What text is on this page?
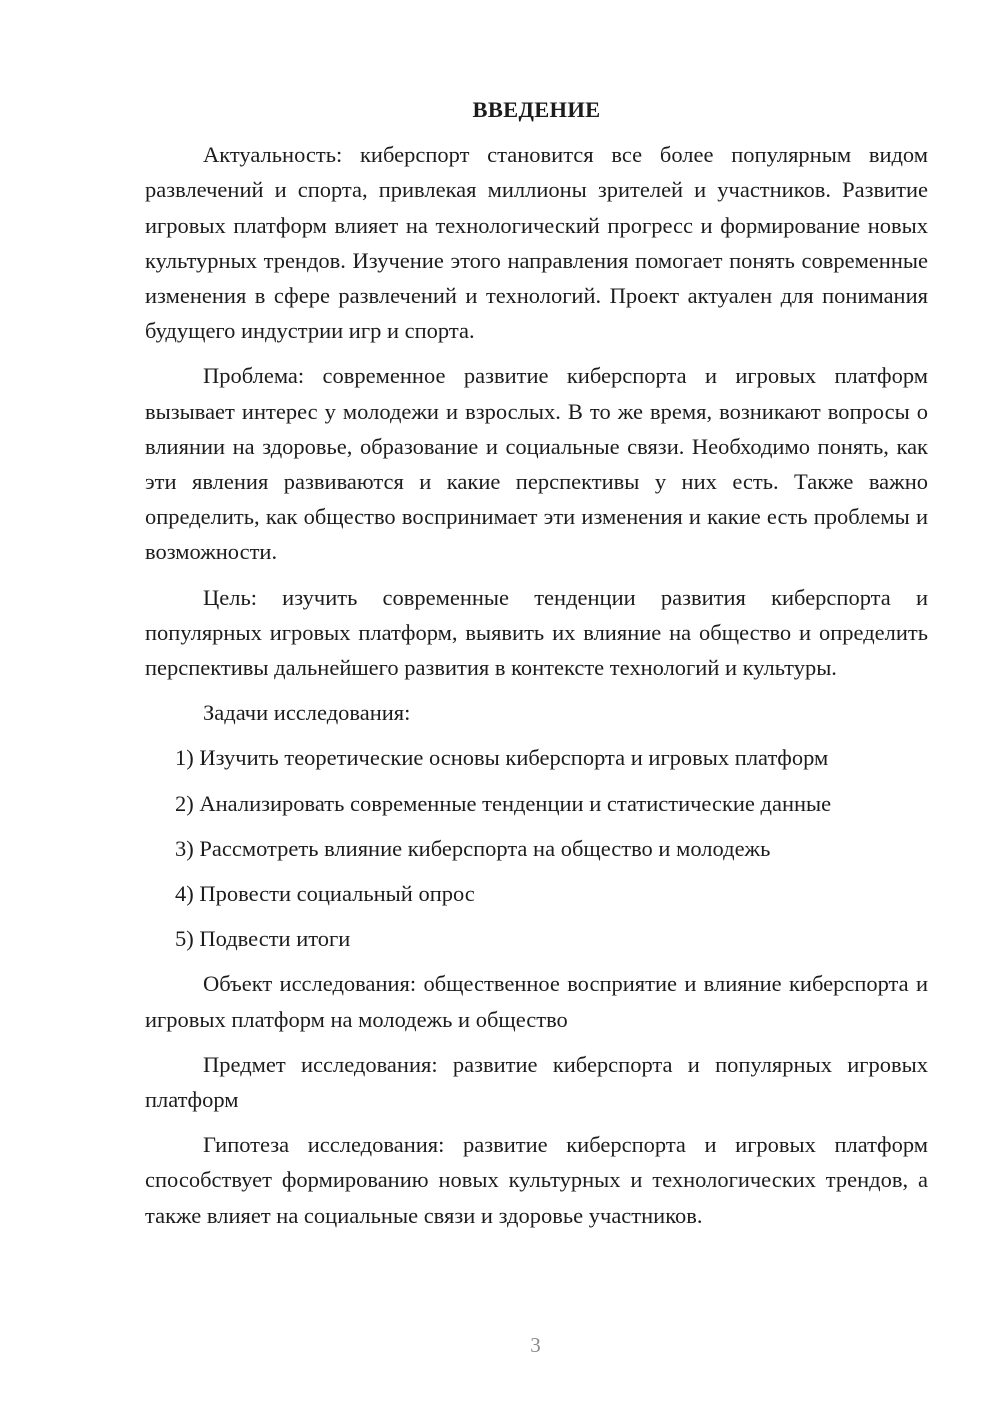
ВВЕДЕНИЕ

Актуальность: киберспорт становится все более популярным видом развлечений и спорта, привлекая миллионы зрителей и участников. Развитие игровых платформ влияет на технологический прогресс и формирование новых культурных трендов. Изучение этого направления помогает понять современные изменения в сфере развлечений и технологий. Проект актуален для понимания будущего индустрии игр и спорта.

Проблема: современное развитие киберспорта и игровых платформ вызывает интерес у молодежи и взрослых. В то же время, возникают вопросы о влиянии на здоровье, образование и социальные связи. Необходимо понять, как эти явления развиваются и какие перспективы у них есть. Также важно определить, как общество воспринимает эти изменения и какие есть проблемы и возможности.

Цель: изучить современные тенденции развития киберспорта и популярных игровых платформ, выявить их влияние на общество и определить перспективы дальнейшего развития в контексте технологий и культуры.

Задачи исследования:
1) Изучить теоретические основы киберспорта и игровых платформ
2) Анализировать современные тенденции и статистические данные
3) Рассмотреть влияние киберспорта на общество и молодежь
4) Провести социальный опрос
5) Подвести итоги

Объект исследования: общественное восприятие и влияние киберспорта и игровых платформ на молодежь и общество

Предмет исследования: развитие киберспорта и популярных игровых платформ

Гипотеза исследования: развитие киберспорта и игровых платформ способствует формированию новых культурных и технологических трендов, а также влияет на социальные связи и здоровье участников.

3
